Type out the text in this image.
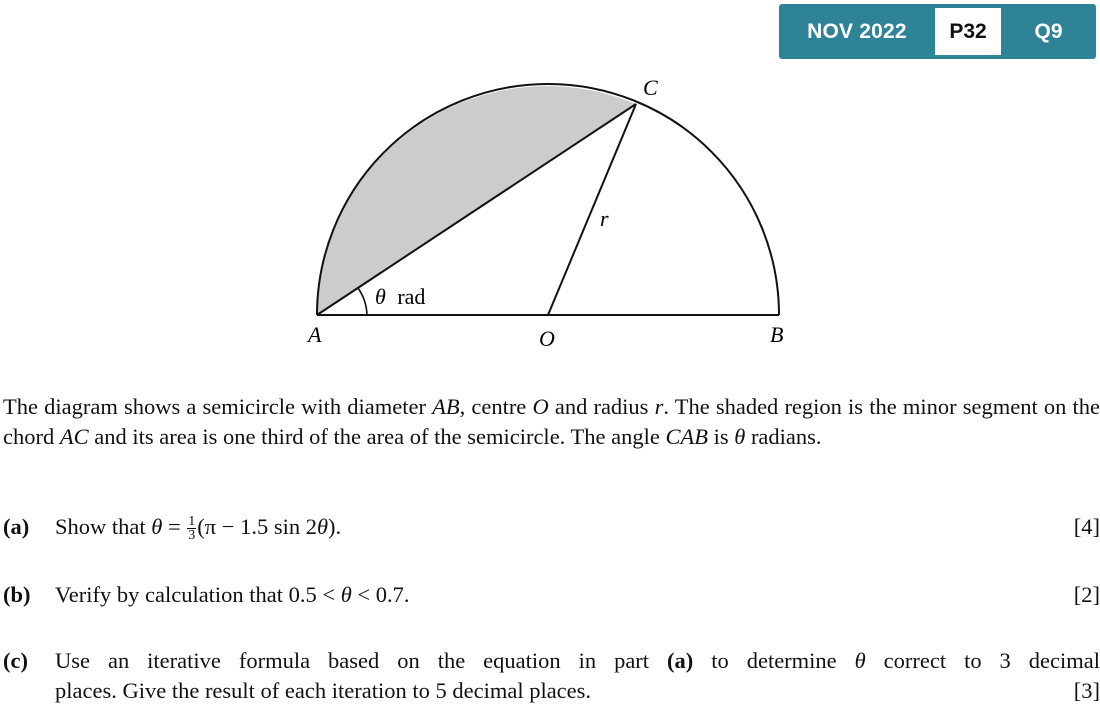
NOV 2022	P32	Q9
A	O	B
C
r
θ rad
The diagram shows a semicircle with diameter AB, centre O and radius r. The shaded region is the minor segment on the chord AC and its area is one third of the area of the semicircle. The angle CAB is θ radians.
(a)	Show that $\theta = \frac{1}{3} (\pi - 1.5$ sin 2θ).	[4]
(b)	Verify by calculation that 0.5 < θ < 0.7.	[2]
(c)	Use an iterative formula based on the equation in part (a) to determine θ correct to 3 decimal
places. Give the result of each iteration to 5 decimal places.	[3]
